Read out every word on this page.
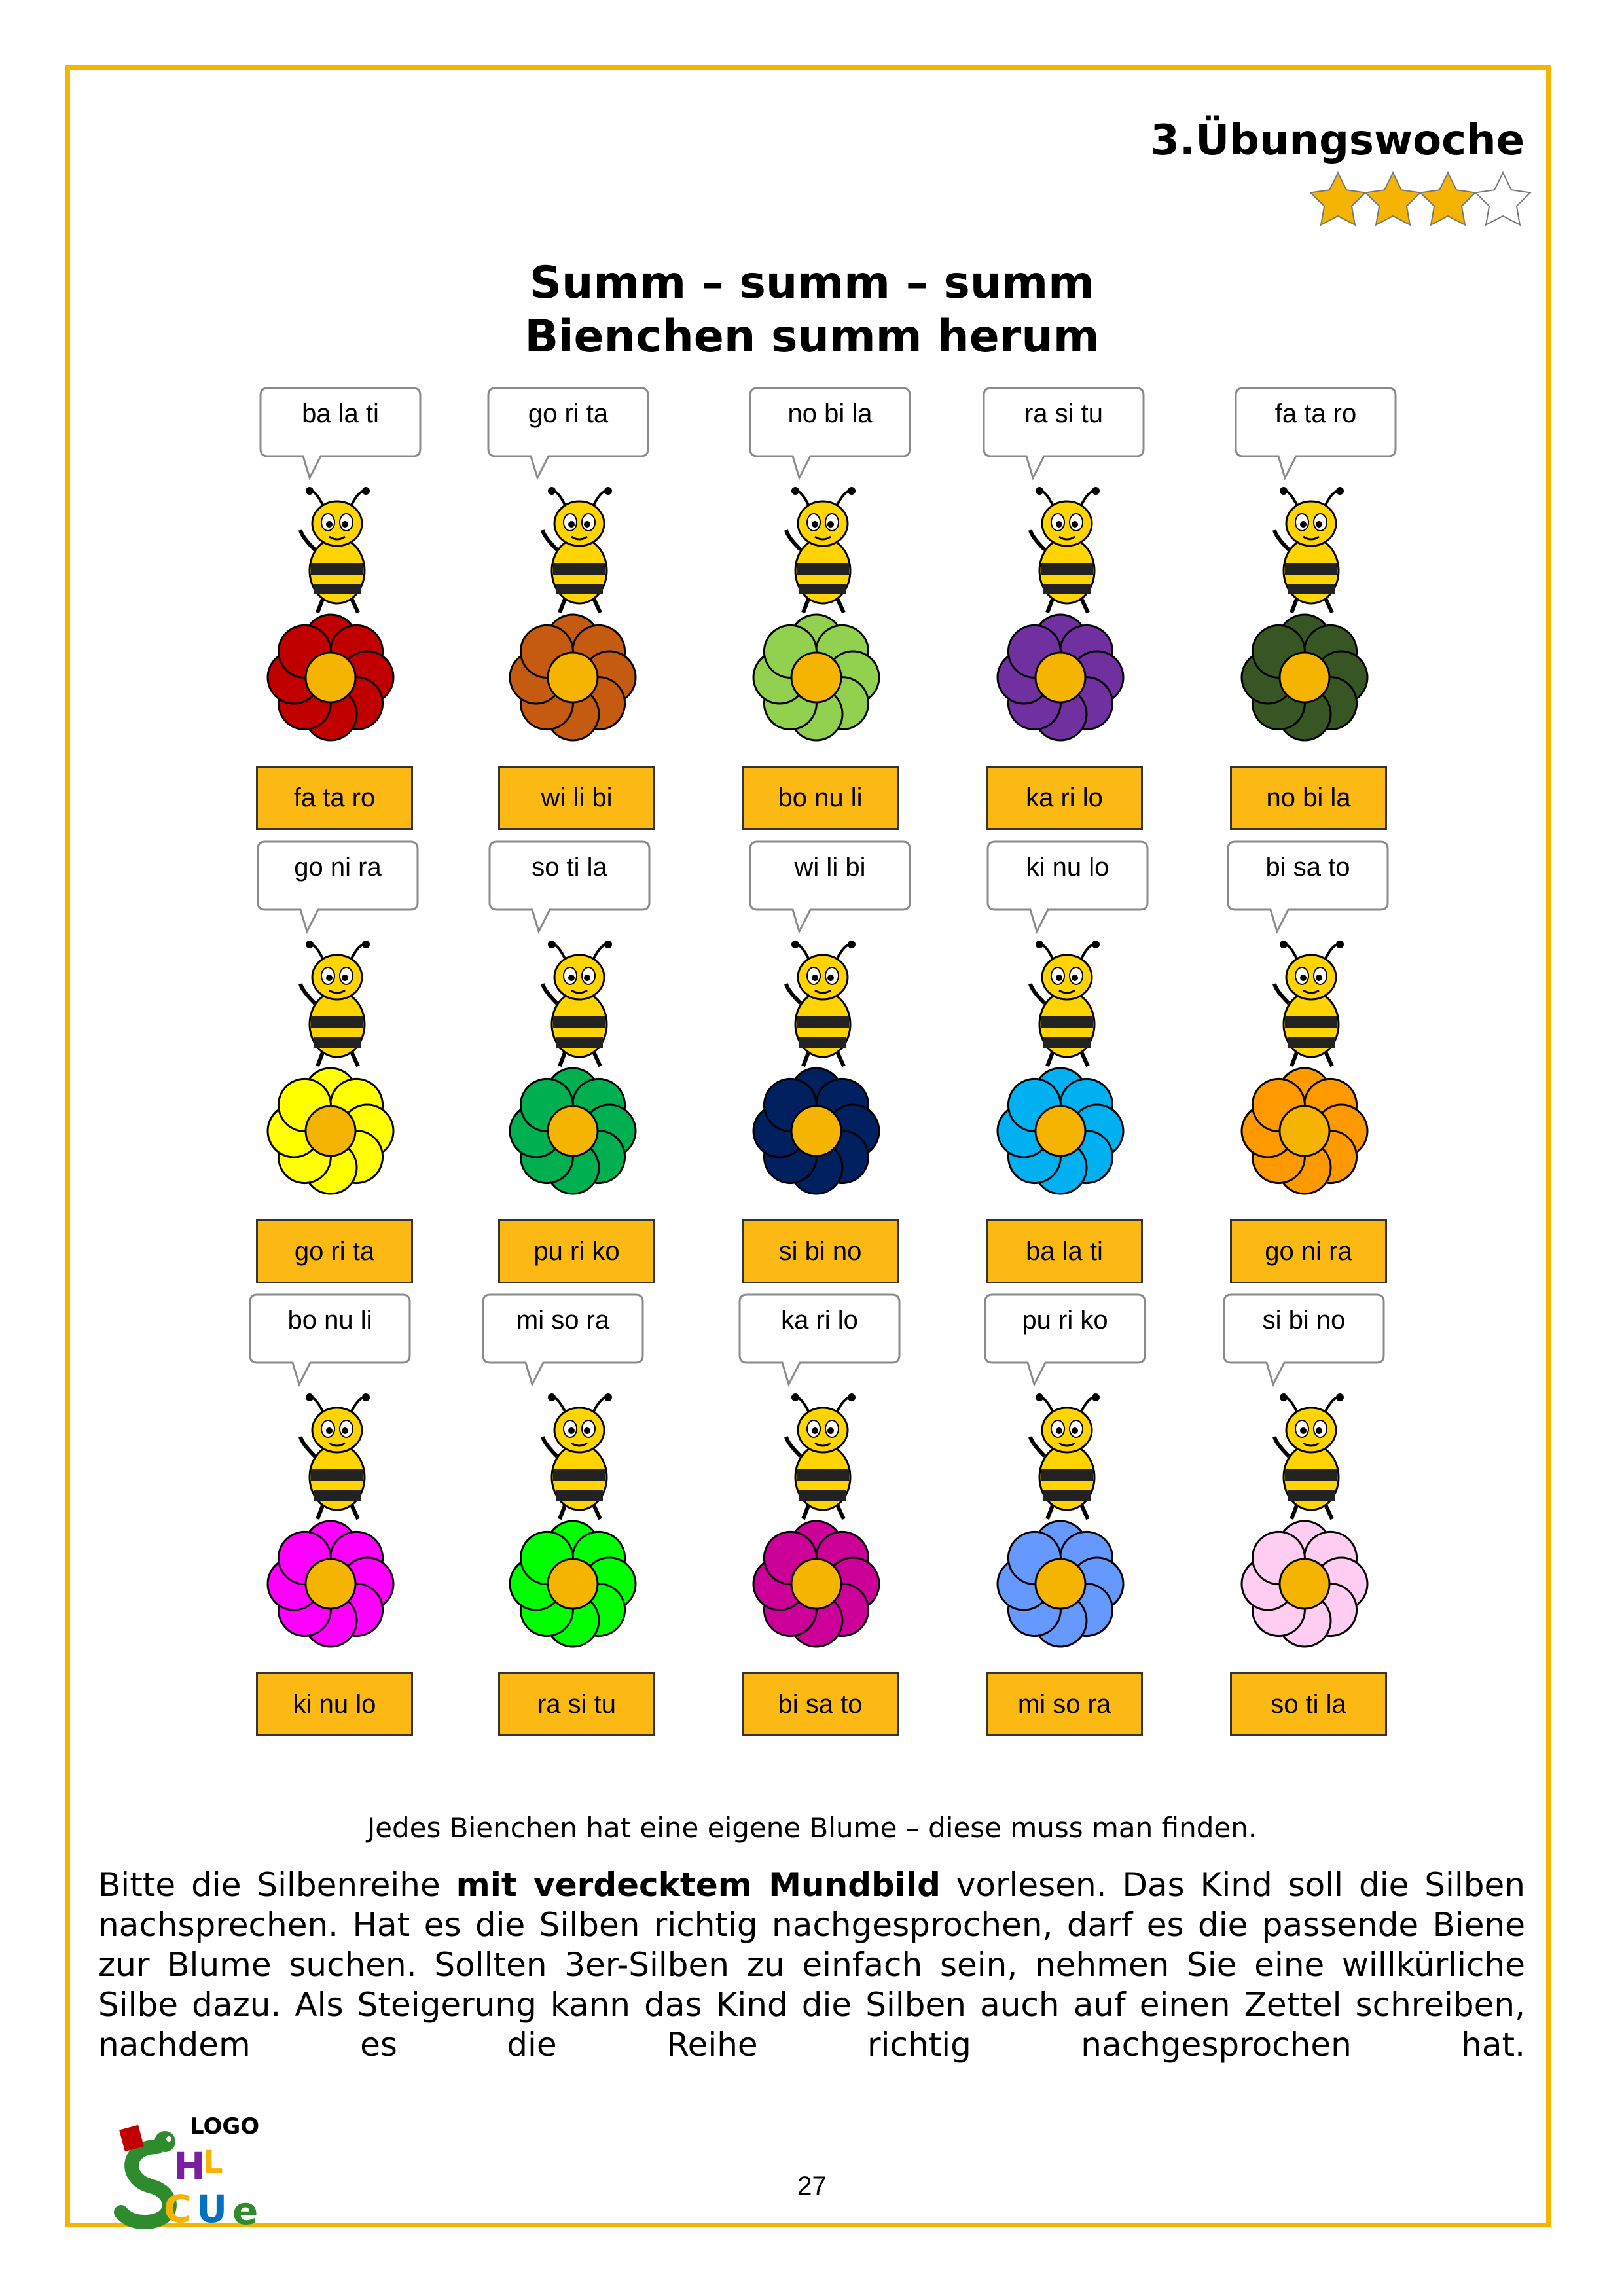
3.Übungswoche
Summ – summ – summ
Bienchen summ herum
ba la ti
fa ta ro
go ri ta
wi li bi
no bi la
bo nu li
ra si tu
ka ri lo
fa ta ro
no bi la
go ni ra
go ri ta
so ti la
pu ri ko
wi li bi
si bi no
ki nu lo
ba la ti
bi sa to
go ni ra
bo nu li
ki nu lo
mi so ra
ra si tu
ka ri lo
bi sa to
pu ri ko
mi so ra
si bi no
so ti la
Jedes Bienchen hat eine eigene Blume – diese muss man finden.
Bitte die Silbenreihe mit verdecktem Mundbild vorlesen. Das Kind soll die Silben nachsprechen. Hat es die Silben richtig nachgesprochen, darf es die passende Biene zur Blume suchen. Sollten 3er-Silben zu einfach sein, nehmen Sie eine willkürliche Silbe dazu. Als Steigerung kann das Kind die Silben auch auf einen Zettel schreiben, nachdem es die Reihe richtig nachgesprochen hat.
LOGO
H
L
C U e
27
